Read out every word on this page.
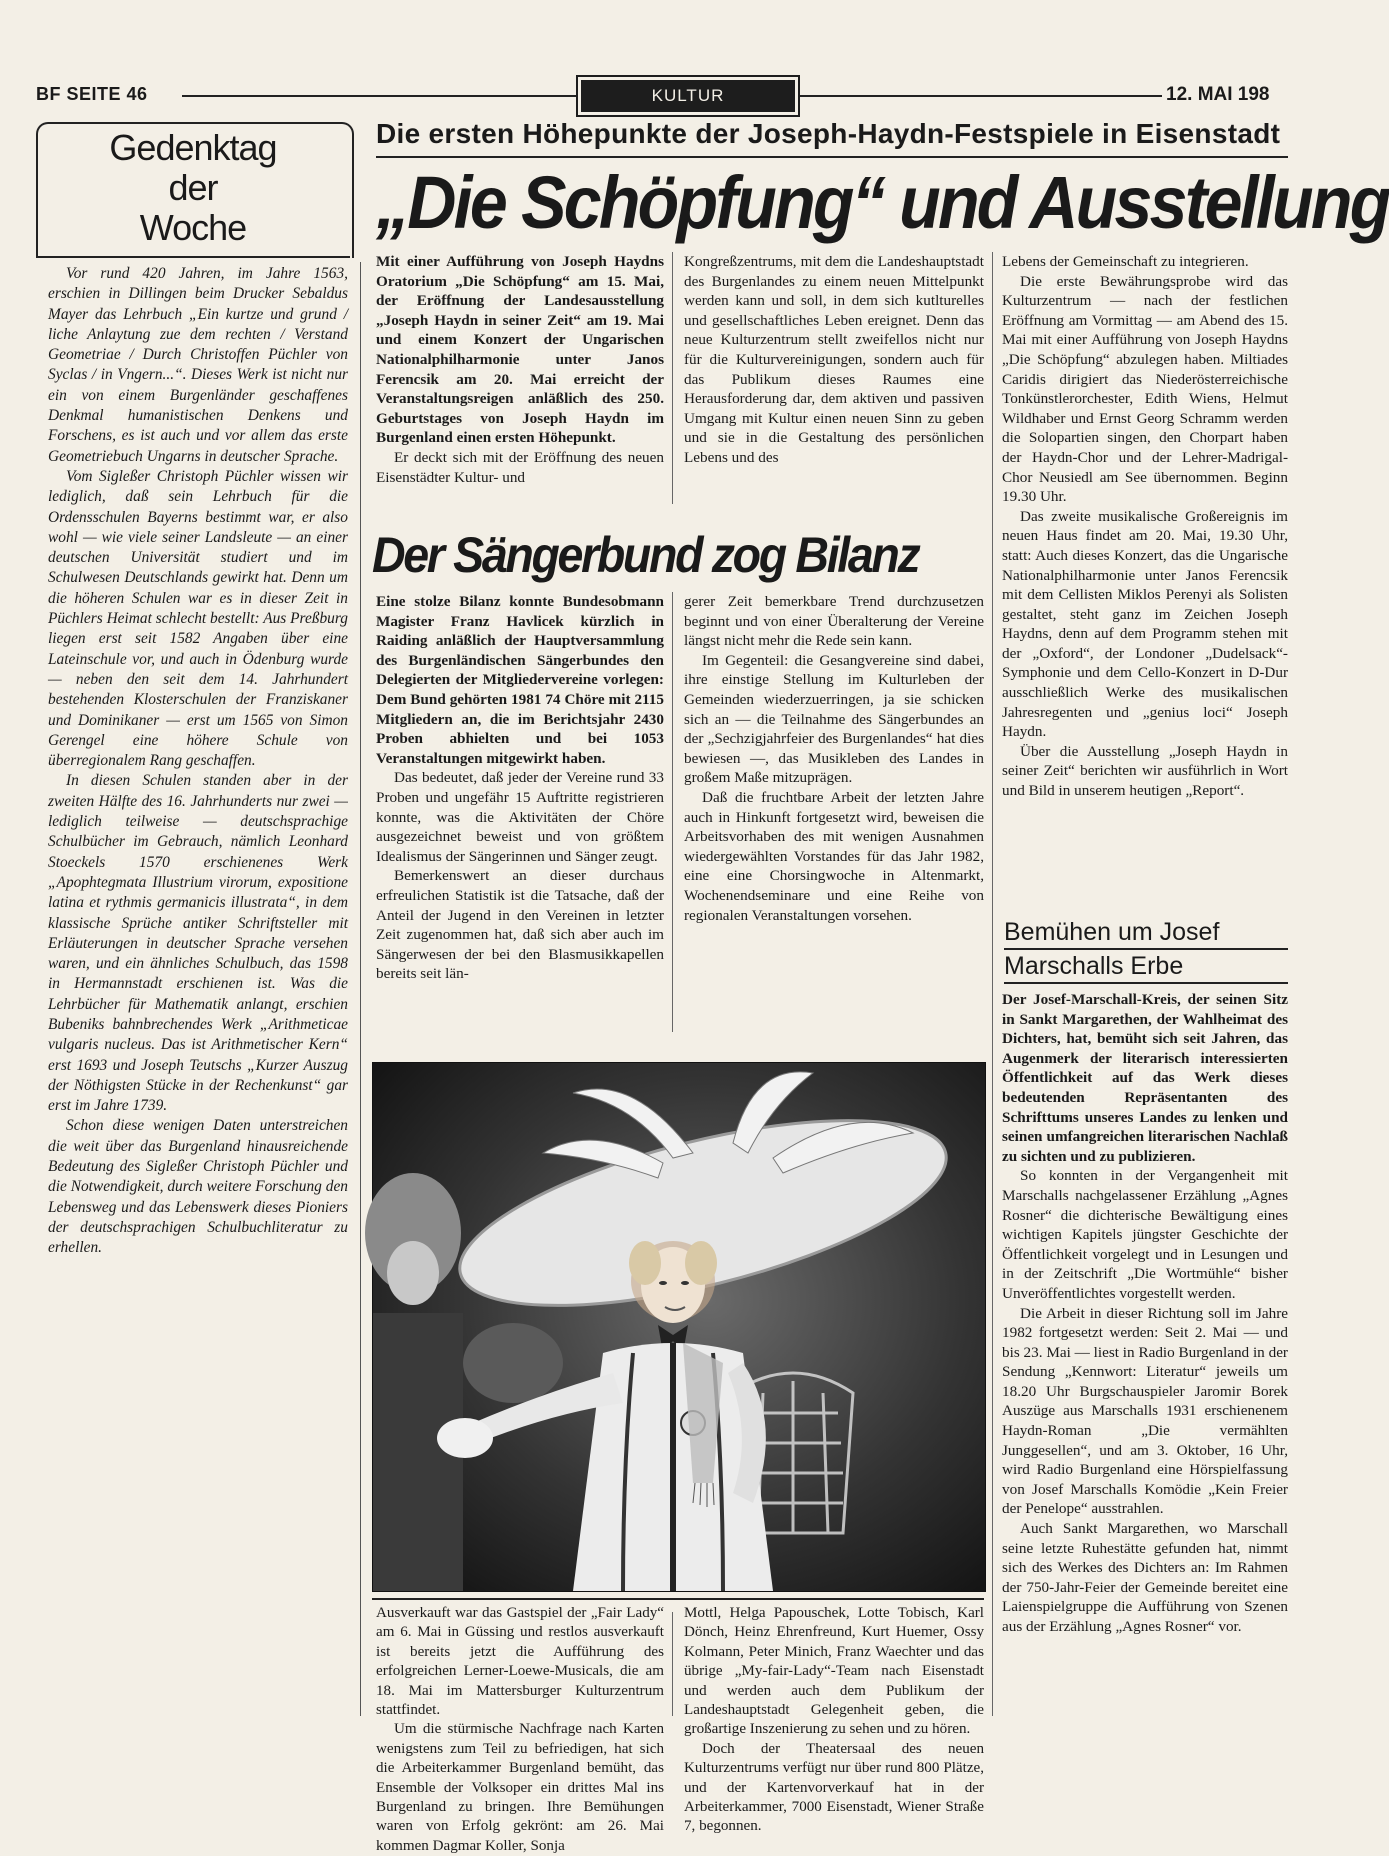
BF SEITE 46	KULTUR	12. MAI 198
Gedenktag
der
Woche

Vor rund 420 Jahren, im Jahre 1563, erschien in Dillingen beim Drucker Sebaldus Mayer das Lehrbuch „Ein kurtze und grund / liche Anlaytung zue dem rechten / Verstand Geometriae / Durch Christoffen Püchler von Syclas / in Vngern...“. Dieses Werk ist nicht nur ein von einem Burgenländer geschaffenes Denkmal humanistischen Denkens und Forschens, es ist auch und vor allem das erste Geometriebuch Ungarns in deutscher Sprache.

Vom Sigleßer Christoph Püchler wissen wir lediglich, daß sein Lehrbuch für die Ordensschulen Bayerns bestimmt war, er also wohl — wie viele seiner Landsleute — an einer deutschen Universität studiert und im Schulwesen Deutschlands gewirkt hat. Denn um die höheren Schulen war es in dieser Zeit in Püchlers Heimat schlecht bestellt: Aus Preßburg liegen erst seit 1582 Angaben über eine Lateinschule vor, und auch in Ödenburg wurde — neben den seit dem 14. Jahrhundert bestehenden Klosterschulen der Franziskaner und Dominikaner — erst um 1565 von Simon Gerengel eine höhere Schule von überregionalem Rang geschaffen.

In diesen Schulen standen aber in der zweiten Hälfte des 16. Jahrhunderts nur zwei — lediglich teilweise — deutschsprachige Schulbücher im Gebrauch, nämlich Leonhard Stoeckels 1570 erschienenes Werk „Apophtegmata Illustrium virorum, expositione latina et rythmis germanicis illustrata“, in dem klassische Sprüche antiker Schriftsteller mit Erläuterungen in deutscher Sprache versehen waren, und ein ähnliches Schulbuch, das 1598 in Hermannstadt erschienen ist. Was die Lehrbücher für Mathematik anlangt, erschien Bubeniks bahnbrechendes Werk „Arithmeticae vulgaris nucleus. Das ist Arithmetischer Kern“ erst 1693 und Joseph Teutschs „Kurzer Auszug der Nöthigsten Stücke in der Rechenkunst“ gar erst im Jahre 1739.

Schon diese wenigen Daten unterstreichen die weit über das Burgenland hinausreichende Bedeutung des Sigleßer Christoph Püchler und die Notwendigkeit, durch weitere Forschung den Lebensweg und das Lebenswerk dieses Pioniers der deutschsprachigen Schulbuchliteratur zu erhellen.

Die ersten Höhepunkte der Joseph-Haydn-Festspiele in Eisenstadt
„Die Schöpfung“ und Ausstellung

Mit einer Aufführung von Joseph Haydns Oratorium „Die Schöpfung“ am 15. Mai, der Eröffnung der Landesausstellung „Joseph Haydn in seiner Zeit“ am 19. Mai und einem Konzert der Ungarischen Nationalphilharmonie unter Janos Ferencsik am 20. Mai erreicht der Veranstaltungsreigen anläßlich des 250. Geburtstages von Joseph Haydn im Burgenland einen ersten Höhepunkt.

Er deckt sich mit der Eröffnung des neuen Eisenstädter Kultur- und

Kongreßzentrums, mit dem die Landeshauptstadt des Burgenlandes zu einem neuen Mittelpunkt werden kann und soll, in dem sich kutlturelles und gesellschaftliches Leben ereignet. Denn das neue Kulturzentrum stellt zweifellos nicht nur für die Kulturvereinigungen, sondern auch für das Publikum dieses Raumes eine Herausforderung dar, dem aktiven und passiven Umgang mit Kultur einen neuen Sinn zu geben und sie in die Gestaltung des persönlichen Lebens und des

Lebens der Gemeinschaft zu integrieren.

Die erste Bewährungsprobe wird das Kulturzentrum — nach der festlichen Eröffnung am Vormittag — am Abend des 15. Mai mit einer Aufführung von Joseph Haydns „Die Schöpfung“ abzulegen haben. Miltiades Caridis dirigiert das Niederösterreichische Tonkünstlerorchester, Edith Wiens, Helmut Wildhaber und Ernst Georg Schramm werden die Solopartien singen, den Chorpart haben der Haydn-Chor und der Lehrer-Madrigal-Chor Neusiedl am See übernommen. Beginn 19.30 Uhr.

Das zweite musikalische Großereignis im neuen Haus findet am 20. Mai, 19.30 Uhr, statt: Auch dieses Konzert, das die Ungarische Nationalphilharmonie unter Janos Ferencsik mit dem Cellisten Miklos Perenyi als Solisten gestaltet, steht ganz im Zeichen Joseph Haydns, denn auf dem Programm stehen mit der „Oxford“, der Londoner „Dudelsack“-Symphonie und dem Cello-Konzert in D-Dur ausschließlich Werke des musikalischen Jahresregenten und „genius loci“ Joseph Haydn.

Über die Ausstellung „Joseph Haydn in seiner Zeit“ berichten wir ausführlich in Wort und Bild in unserem heutigen „Report“.

Der Sängerbund zog Bilanz

Eine stolze Bilanz konnte Bundesobmann Magister Franz Havlicek kürzlich in Raiding anläßlich der Hauptversammlung des Burgenländischen Sängerbundes den Delegierten der Mitgliedervereine vorlegen: Dem Bund gehörten 1981 74 Chöre mit 2115 Mitgliedern an, die im Berichtsjahr 2430 Proben abhielten und bei 1053 Veranstaltungen mitgewirkt haben.

Das bedeutet, daß jeder der Vereine rund 33 Proben und ungefähr 15 Auftritte registrieren konnte, was die Aktivitäten der Chöre ausgezeichnet beweist und von größtem Idealismus der Sängerinnen und Sänger zeugt.

Bemerkenswert an dieser durchaus erfreulichen Statistik ist die Tatsache, daß der Anteil der Jugend in den Vereinen in letzter Zeit zugenommen hat, daß sich aber auch im Sängerwesen der bei den Blasmusikkapellen bereits seit län-

gerer Zeit bemerkbare Trend durchzusetzen beginnt und von einer Überalterung der Vereine längst nicht mehr die Rede sein kann.

Im Gegenteil: die Gesangvereine sind dabei, ihre einstige Stellung im Kulturleben der Gemeinden wiederzuerringen, ja sie schicken sich an — die Teilnahme des Sängerbundes an der „Sechzigjahrfeier des Burgenlandes“ hat dies bewiesen —, das Musikleben des Landes in großem Maße mitzuprägen.

Daß die fruchtbare Arbeit der letzten Jahre auch in Hinkunft fortgesetzt wird, beweisen die Arbeitsvorhaben des mit wenigen Ausnahmen wiedergewählten Vorstandes für das Jahr 1982, eine eine Chorsingwoche in Altenmarkt, Wochenendseminare und eine Reihe von regionalen Veranstaltungen vorsehen.

Ausverkauft war das Gastspiel der „Fair Lady“ am 6. Mai in Güssing und restlos ausverkauft ist bereits jetzt die Aufführung des erfolgreichen Lerner-Loewe-Musicals, die am 18. Mai im Mattersburger Kulturzentrum stattfindet.

Um die stürmische Nachfrage nach Karten wenigstens zum Teil zu befriedigen, hat sich die Arbeiterkammer Burgenland bemüht, das Ensemble der Volksoper ein drittes Mal ins Burgenland zu bringen. Ihre Bemühungen waren von Erfolg gekrönt: am 26. Mai kommen Dagmar Koller, Sonja

Mottl, Helga Papouschek, Lotte Tobisch, Karl Dönch, Heinz Ehrenfreund, Kurt Huemer, Ossy Kolmann, Peter Minich, Franz Waechter und das übrige „My-fair-Lady“-Team nach Eisenstadt und werden auch dem Publikum der Landeshauptstadt Gelegenheit geben, die großartige Inszenierung zu sehen und zu hören.

Doch der Theatersaal des neuen Kulturzentrums verfügt nur über rund 800 Plätze, und der Kartenvorverkauf hat in der Arbeiterkammer, 7000 Eisenstadt, Wiener Straße 7, begonnen.

Bemühen um Josef
Marschalls Erbe

Der Josef-Marschall-Kreis, der seinen Sitz in Sankt Margarethen, der Wahlheimat des Dichters, hat, bemüht sich seit Jahren, das Augenmerk der literarisch interessierten Öffentlichkeit auf das Werk dieses bedeutenden Repräsentanten des Schrifttums unseres Landes zu lenken und seinen umfangreichen literarischen Nachlaß zu sichten und zu publizieren.

So konnten in der Vergangenheit mit Marschalls nachgelassener Erzählung „Agnes Rosner“ die dichterische Bewältigung eines wichtigen Kapitels jüngster Geschichte der Öffentlichkeit vorgelegt und in Lesungen und in der Zeitschrift „Die Wortmühle“ bisher Unveröffentlichtes vorgestellt werden.

Die Arbeit in dieser Richtung soll im Jahre 1982 fortgesetzt werden: Seit 2. Mai — und bis 23. Mai — liest in Radio Burgenland in der Sendung „Kennwort: Literatur“ jeweils um 18.20 Uhr Burgschauspieler Jaromir Borek Auszüge aus Marschalls 1931 erschienenem Haydn-Roman „Die vermählten Junggesellen“, und am 3. Oktober, 16 Uhr, wird Radio Burgenland eine Hörspielfassung von Josef Marschalls Komödie „Kein Freier der Penelope“ ausstrahlen.

Auch Sankt Margarethen, wo Marschall seine letzte Ruhestätte gefunden hat, nimmt sich des Werkes des Dichters an: Im Rahmen der 750-Jahr-Feier der Gemeinde bereitet eine Laienspielgruppe die Aufführung von Szenen aus der Erzählung „Agnes Rosner“ vor.
